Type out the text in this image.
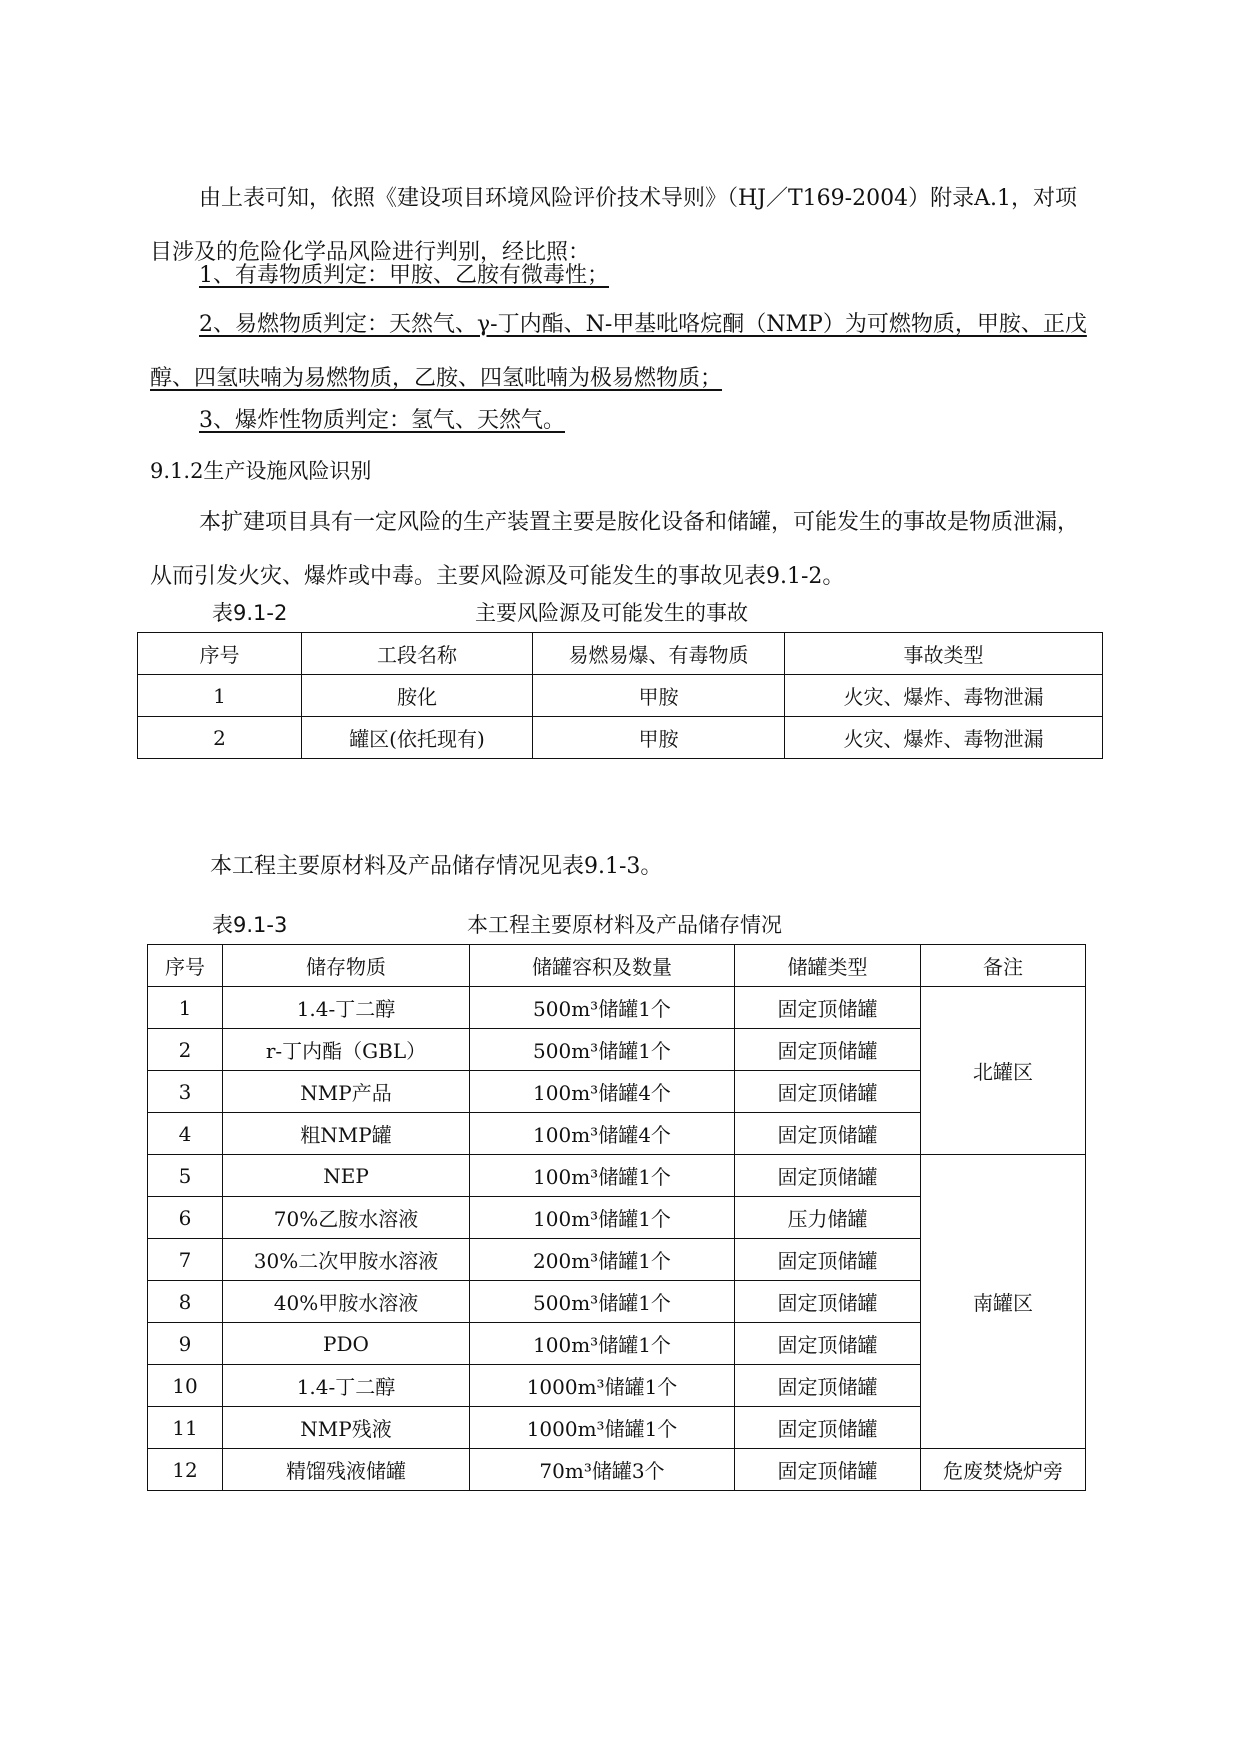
由上表可知，依照《建设项目环境风险评价技术导则》（HJ／T169-2004）附录A.1，对项目涉及的危险化学品风险进行判别，经比照：

1、有毒物质判定：甲胺、乙胺有微毒性；

2、易燃物质判定：天然气、γ-丁内酯、N-甲基吡咯烷酮（NMP）为可燃物质，甲胺、正戊醇、四氢呋喃为易燃物质，乙胺、四氢吡喃为极易燃物质；

3、爆炸性物质判定：氢气、天然气。
9.1.2生产设施风险识别

本扩建项目具有一定风险的生产装置主要是胺化设备和储罐，可能发生的事故是物质泄漏，从而引发火灾、爆炸或中毒。主要风险源及可能发生的事故见表9.1-2。

表9.1-2	主要风险源及可能发生的事故
序号	工段名称	易燃易爆、有毒物质	事故类型
1	胺化	甲胺	火灾、爆炸、毒物泄漏
2	罐区(依托现有)	甲胺	火灾、爆炸、毒物泄漏
本工程主要原材料及产品储存情况见表9.1-3。
表9.1-3	本工程主要原材料及产品储存情况
序号	储存物质	储罐容积及数量	储罐类型	备注
1	1.4-丁二醇	500m³储罐1个	固定顶储罐	北罐区
2	r-丁内酯（GBL）	500m³储罐1个	固定顶储罐	
3	NMP产品	100m³储罐4个	固定顶储罐	
4	粗NMP罐	100m³储罐4个	固定顶储罐	
5	NEP	100m³储罐1个	固定顶储罐	南罐区
6	70%乙胺水溶液	100m³储罐1个	压力储罐	
7	30%二次甲胺水溶液	200m³储罐1个	固定顶储罐	
8	40%甲胺水溶液	500m³储罐1个	固定顶储罐	
9	PDO	100m³储罐1个	固定顶储罐	
10	1.4-丁二醇	1000m³储罐1个	固定顶储罐	
11	NMP残液	1000m³储罐1个	固定顶储罐	
12	精馏残液储罐	70m³储罐3个	固定顶储罐	危废焚烧炉旁
